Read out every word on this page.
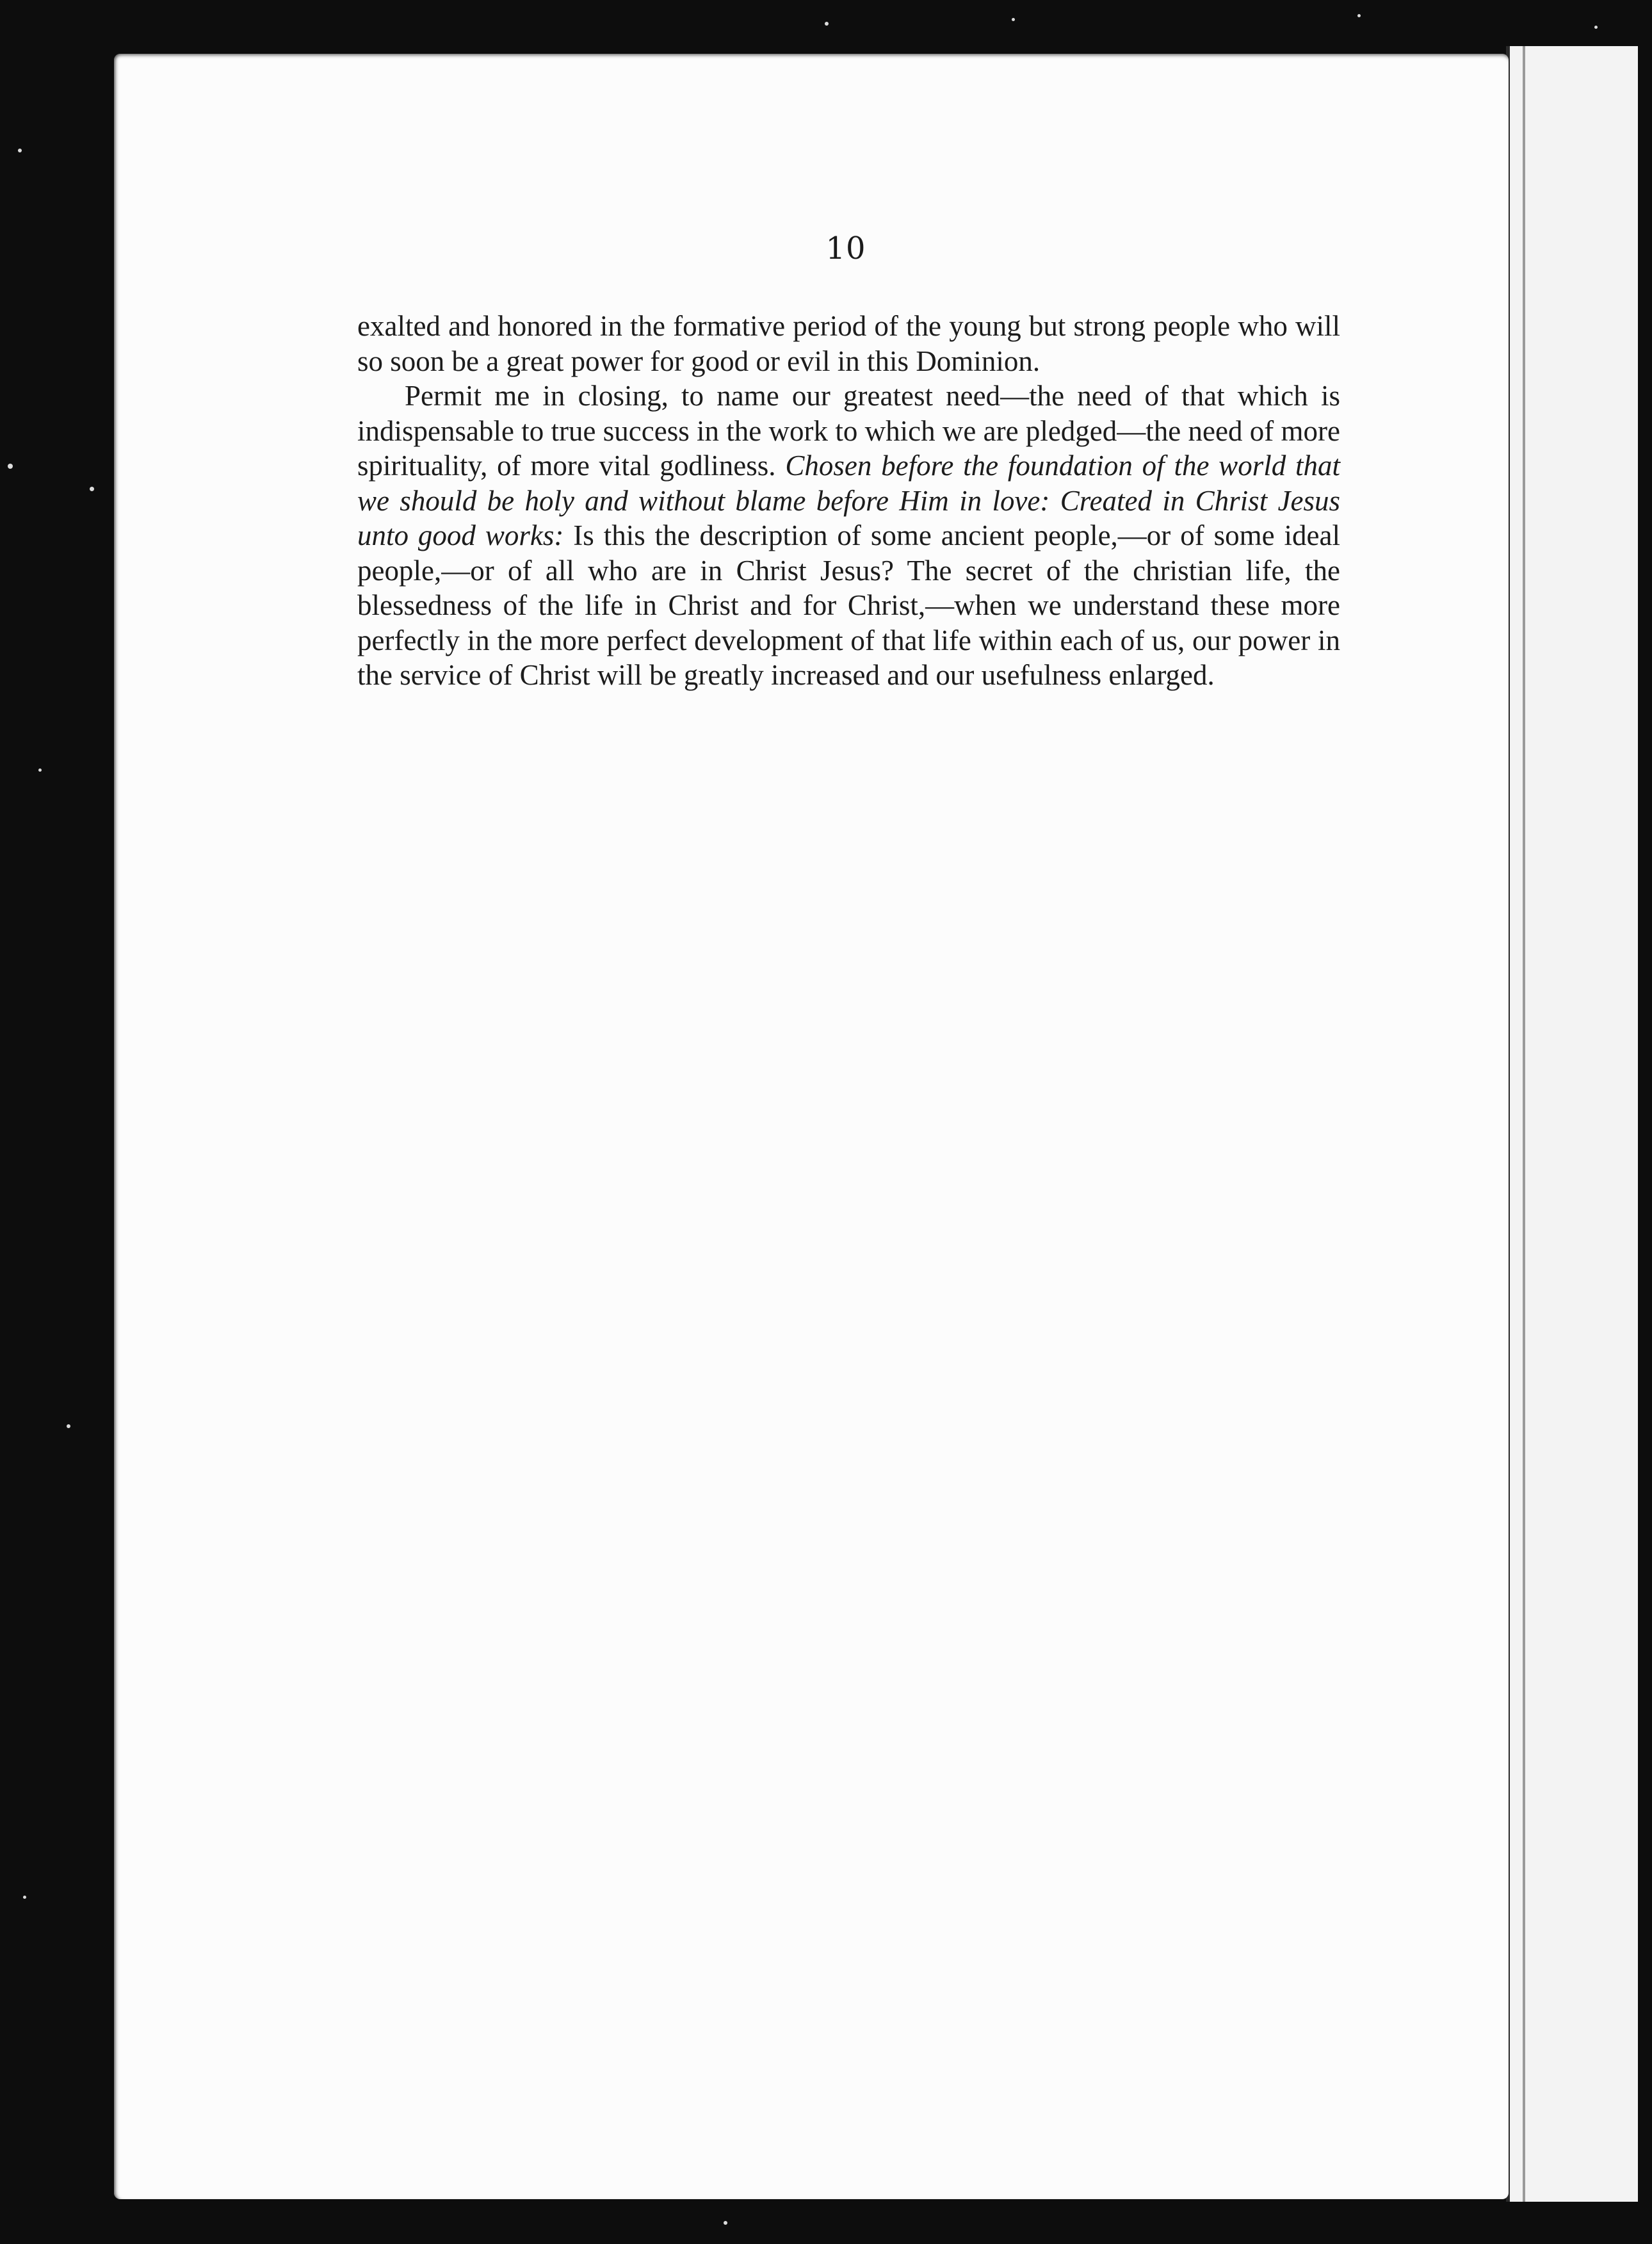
10

exalted and honored in the formative period of the young but strong people who will so soon be a great power for good or evil in this Dominion.

Permit me in closing, to name our greatest need—the need of that which is indispensable to true success in the work to which we are pledged—the need of more spirituality, of more vital godliness. Chosen before the foundation of the world that we should be holy and without blame before Him in love: Created in Christ Jesus unto good works: Is this the description of some ancient people,—or of some ideal people,—or of all who are in Christ Jesus? The secret of the christian life, the blessedness of the life in Christ and for Christ,—when we understand these more perfectly in the more perfect development of that life within each of us, our power in the service of Christ will be greatly increased and our usefulness enlarged.
